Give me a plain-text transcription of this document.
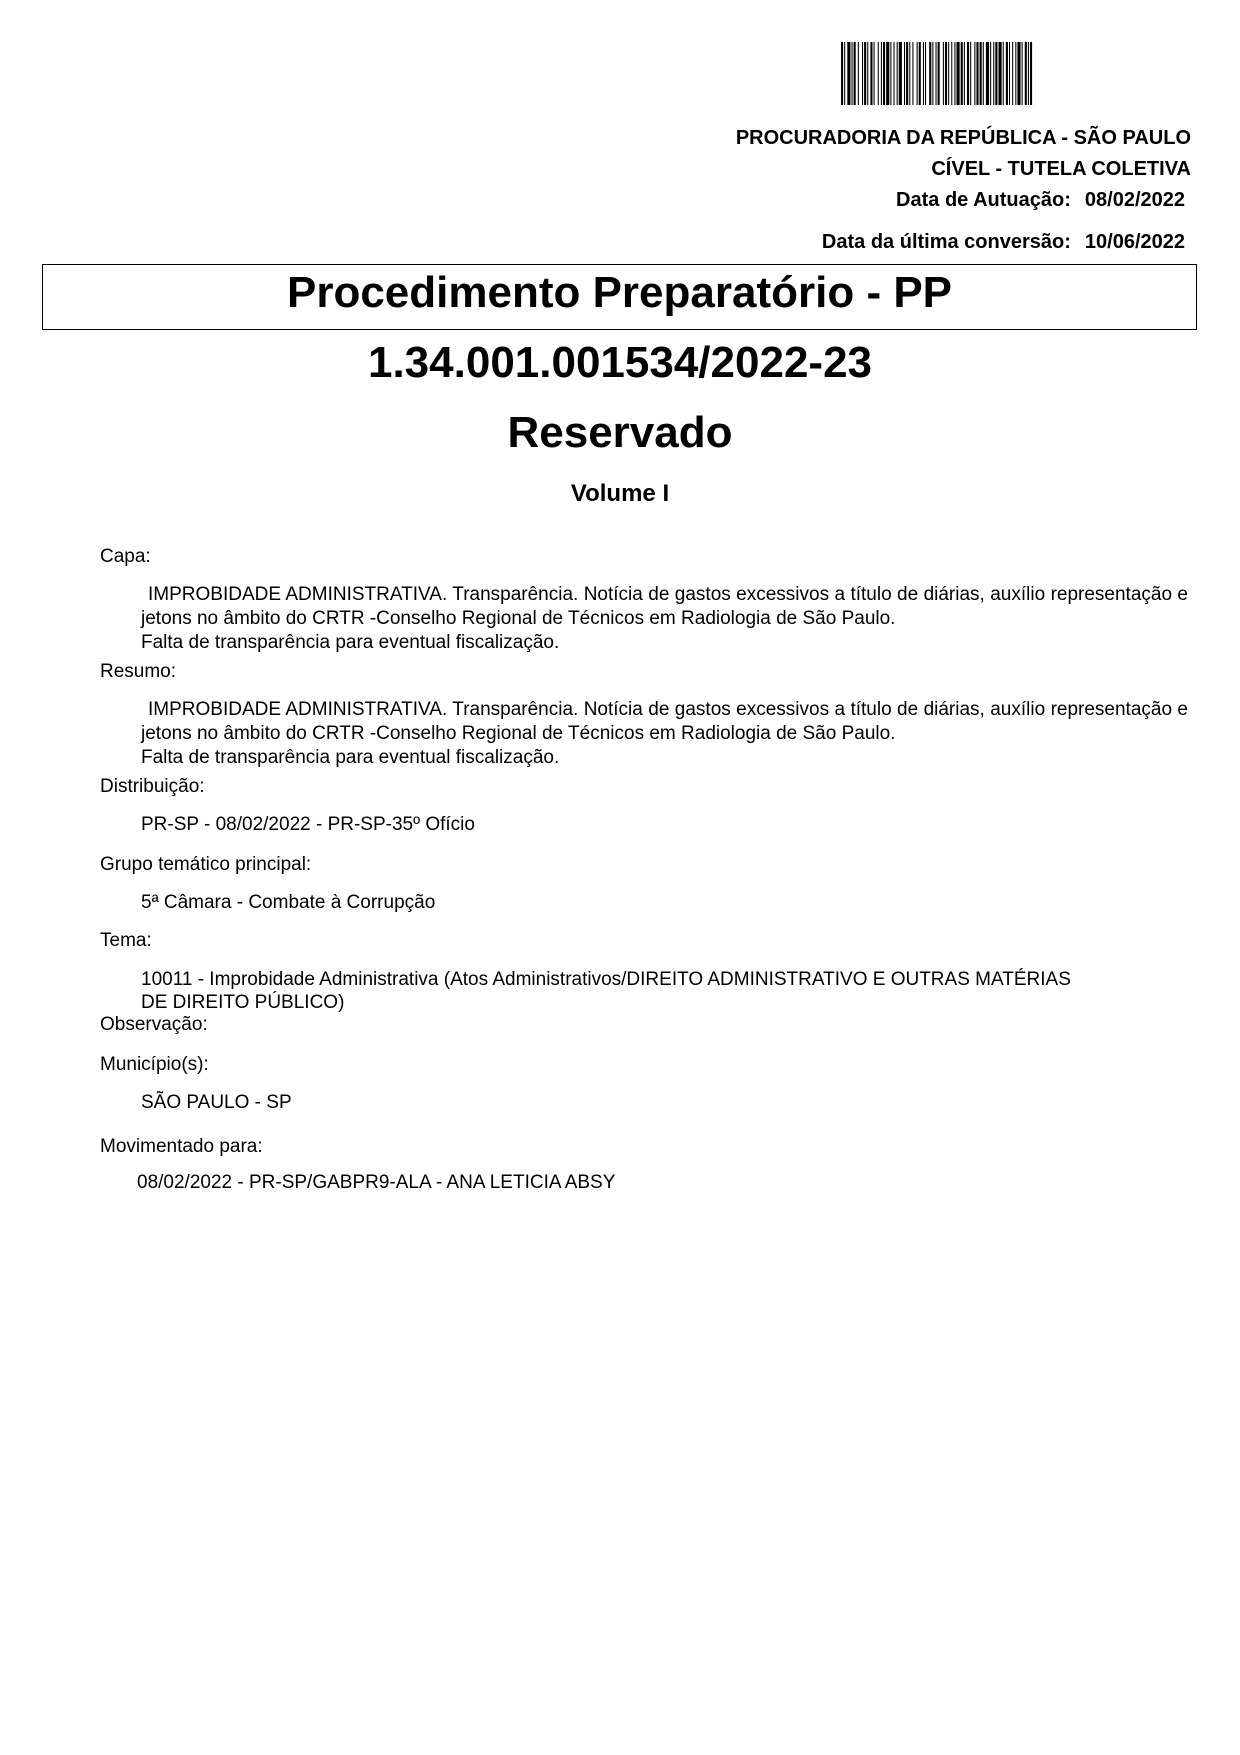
PROCURADORIA DA REPÚBLICA - SÃO PAULO
CÍVEL - TUTELA COLETIVA
Data de Autuação: 08/02/2022
Data da última conversão: 10/06/2022
Procedimento Preparatório - PP
1.34.001.001534/2022-23
Reservado
Volume I
Capa:
IMPROBIDADE ADMINISTRATIVA. Transparência. Notícia de gastos excessivos a título de diárias, auxílio representação e jetons no âmbito do CRTR -Conselho Regional de Técnicos em Radiologia de São Paulo.
Falta de transparência para eventual fiscalização.
Resumo:
IMPROBIDADE ADMINISTRATIVA. Transparência. Notícia de gastos excessivos a título de diárias, auxílio representação e jetons no âmbito do CRTR -Conselho Regional de Técnicos em Radiologia de São Paulo.
Falta de transparência para eventual fiscalização.
Distribuição:
PR-SP - 08/02/2022 - PR-SP-35º Ofício
Grupo temático principal:
5ª Câmara - Combate à Corrupção
Tema:
10011 - Improbidade Administrativa (Atos Administrativos/DIREITO ADMINISTRATIVO E OUTRAS MATÉRIAS
DE DIREITO PÚBLICO)
Observação:
Município(s):
SÃO PAULO - SP
Movimentado para:
08/02/2022 - PR-SP/GABPR9-ALA - ANA LETICIA ABSY
